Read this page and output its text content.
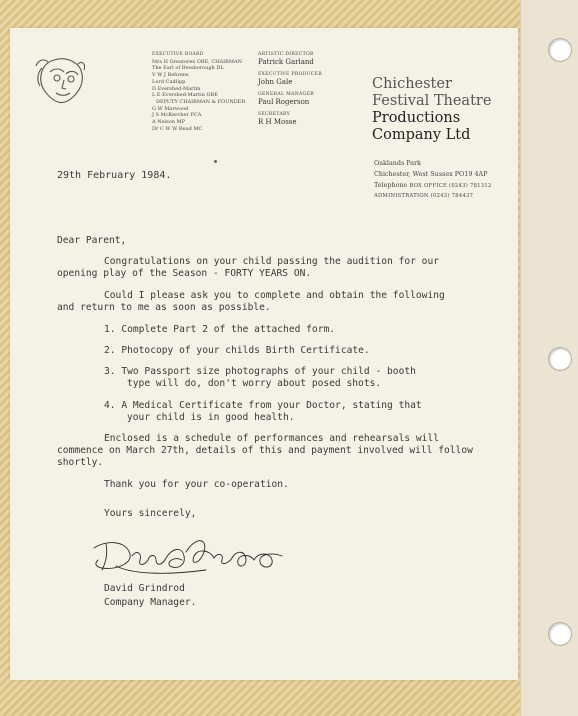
EXECUTIVE BOARD
Mrs H Greatorex OBE, CHAIRMAN
The Earl of Bessborough DL
V W J Behrens
Lord Cudlipp
D Evershed-Martin
L E Evershed-Martin OBE
DEPUTY CHAIRMAN & FOUNDER
G W Marwood
J S McKercher FCA
A Nelson MP
Dr C W W Read MC
ARTISTIC DIRECTOR
Patrick Garland
EXECUTIVE PRODUCER
John Gale
GENERAL MANAGER
Paul Rogerson
SECRETARY
R H Mosse
Chichester
Festival Theatre
Productions
Company Ltd
Oaklands Park
Chichester, West Sussex PO19 4AP
Telephone BOX OFFICE (0243) 781312
ADMINISTRATION (0243) 784437
29th February 1984.
Dear Parent,
Congratulations on your child passing the audition for our
opening play of the Season - FORTY YEARS ON.
Could I please ask you to complete and obtain the following
and return to me as soon as possible.
1. Complete Part 2 of the attached form.
2. Photocopy of your childs Birth Certificate.
3. Two Passport size photographs of your child - booth
type will do, don't worry about posed shots.
4. A Medical Certificate from your Doctor, stating that
your child is in good health.
Enclosed is a schedule of performances and rehearsals will
commence on March 27th, details of this and payment involved will follow
shortly.
Thank you for your co-operation.
Yours sincerely,
David Grindrod
Company Manager.
